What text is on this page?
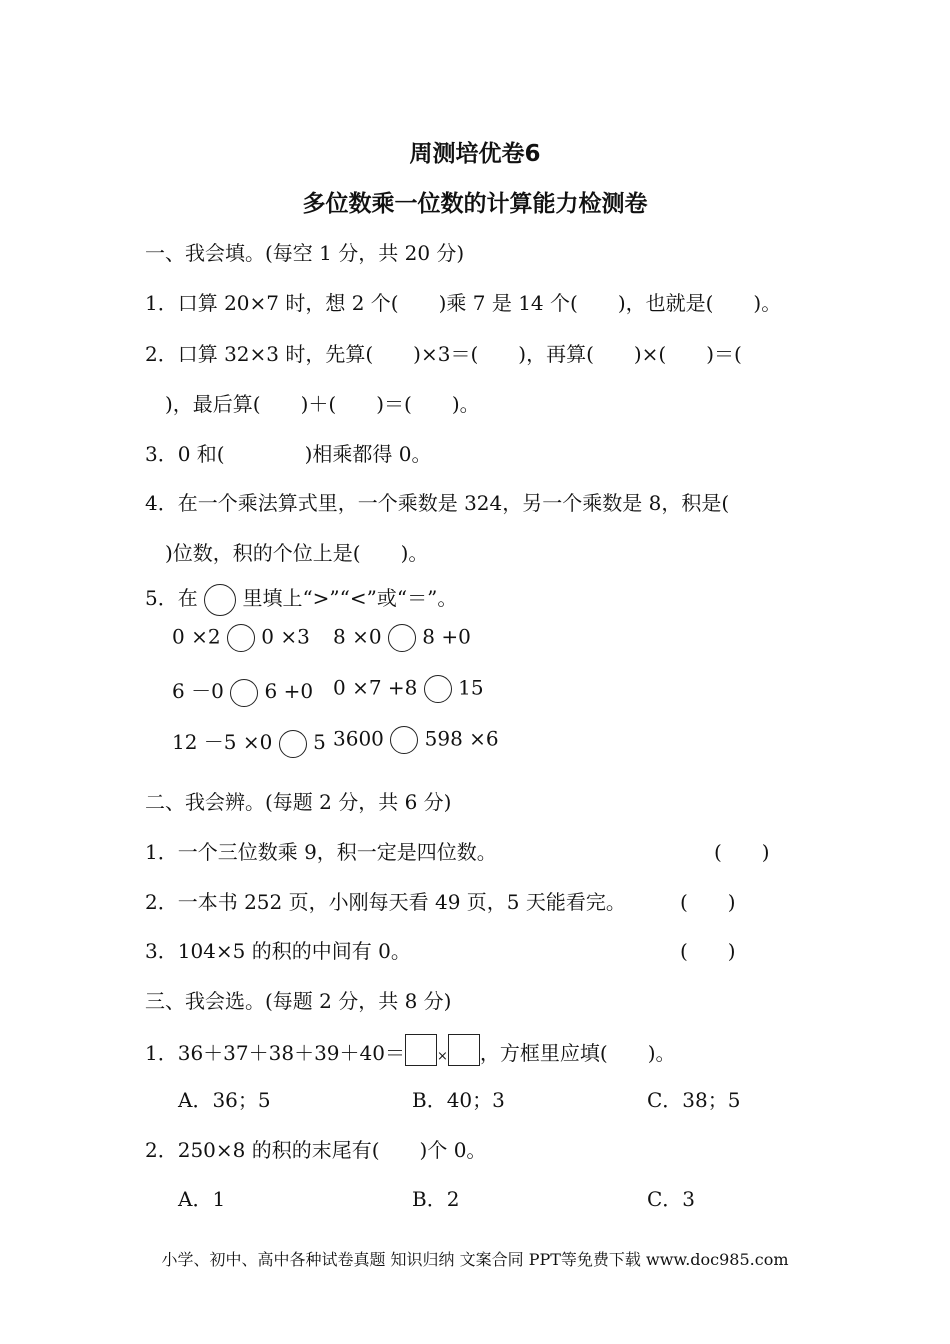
周测培优卷6
多位数乘一位数的计算能力检测卷
一、我会填。(每空 1 分，共 20 分)
1．口算 20×7 时，想 2 个(　　)乘 7 是 14 个(　　)，也就是(　　)。
2．口算 32×3 时，先算(　　)×3＝(　　)，再算(　　)×(　　)＝(
)，最后算(　　)＋(　　)＝(　　)。
3．0 和(　　　　)相乘都得 0。
4．在一个乘法算式里，一个乘数是 324，另一个乘数是 8，积是(
)位数，积的个位上是(　　)。
5．在 里填上“>”“<”或“＝”。
0 ×2 0 ×3 8 ×0 8 +0
6 －0 6 +0 0 ×7 +8 15
12 －5 ×0 5 3600 598 ×6
二、我会辨。(每题 2 分，共 6 分)
1．一个三位数乘 9，积一定是四位数。	(　　)
2．一本书 252 页，小刚每天看 49 页，5 天能看完。	(　　)
3．104×5 的积的中间有 0。	(　　)
三、我会选。(每题 2 分，共 8 分)
1．36＋37＋38＋39＋40＝ × ，方框里应填(　　)。
A．36；5	B．40；3	C．38；5
2．250×8 的积的末尾有(　　)个 0。
A．1	B．2	C．3
小学、初中、高中各种试卷真题 知识归纳 文案合同 PPT等免费下载 www.doc985.com
